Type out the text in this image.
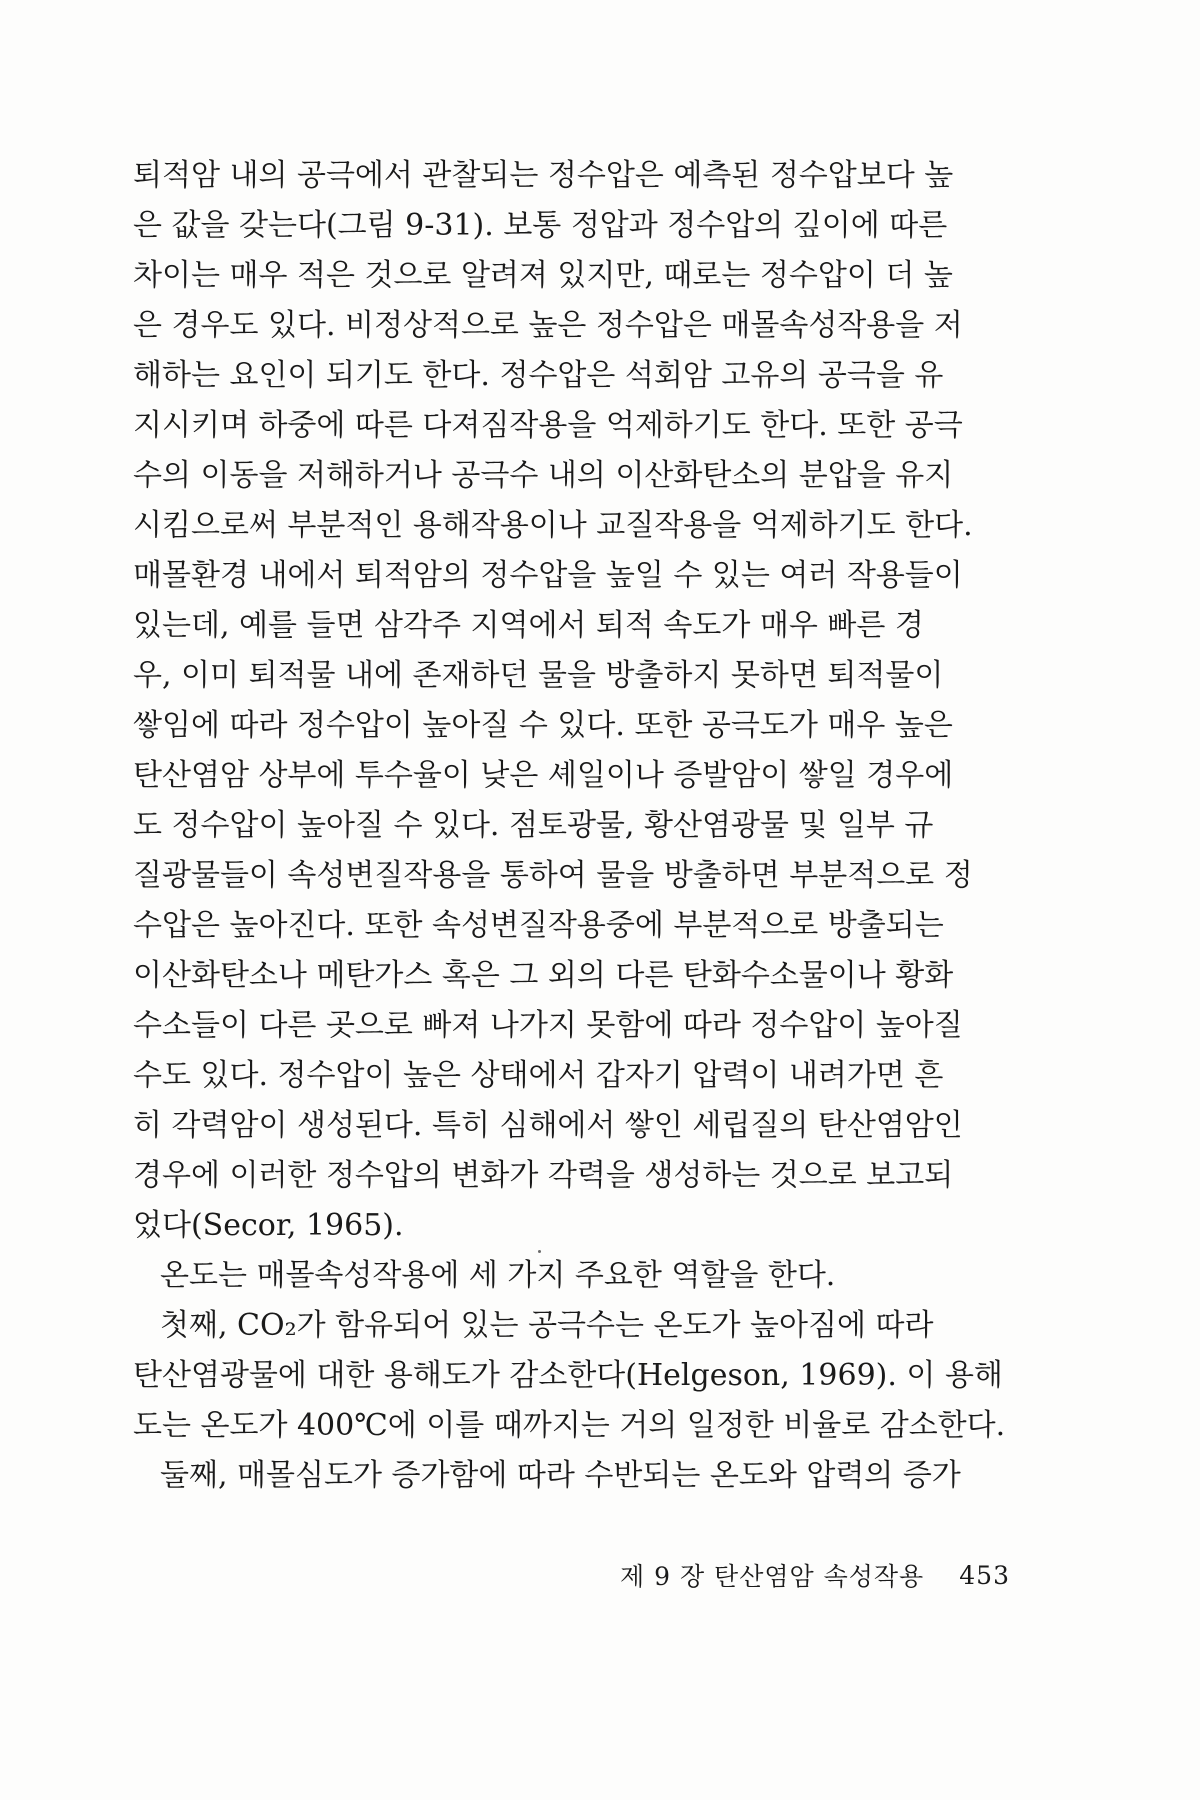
퇴적암 내의 공극에서 관찰되는 정수압은 예측된 정수압보다 높
은 값을 갖는다(그림 9-31). 보통 정압과 정수압의 깊이에 따른
차이는 매우 적은 것으로 알려져 있지만, 때로는 정수압이 더 높
은 경우도 있다. 비정상적으로 높은 정수압은 매몰속성작용을 저
해하는 요인이 되기도 한다. 정수압은 석회암 고유의 공극을 유
지시키며 하중에 따른 다져짐작용을 억제하기도 한다. 또한 공극
수의 이동을 저해하거나 공극수 내의 이산화탄소의 분압을 유지
시킴으로써 부분적인 용해작용이나 교질작용을 억제하기도 한다.
매몰환경 내에서 퇴적암의 정수압을 높일 수 있는 여러 작용들이
있는데, 예를 들면 삼각주 지역에서 퇴적 속도가 매우 빠른 경
우, 이미 퇴적물 내에 존재하던 물을 방출하지 못하면 퇴적물이
쌓임에 따라 정수압이 높아질 수 있다. 또한 공극도가 매우 높은
탄산염암 상부에 투수율이 낮은 셰일이나 증발암이 쌓일 경우에
도 정수압이 높아질 수 있다. 점토광물, 황산염광물 및 일부 규
질광물들이 속성변질작용을 통하여 물을 방출하면 부분적으로 정
수압은 높아진다. 또한 속성변질작용중에 부분적으로 방출되는
이산화탄소나 메탄가스 혹은 그 외의 다른 탄화수소물이나 황화
수소들이 다른 곳으로 빠져 나가지 못함에 따라 정수압이 높아질
수도 있다. 정수압이 높은 상태에서 갑자기 압력이 내려가면 흔
히 각력암이 생성된다. 특히 심해에서 쌓인 세립질의 탄산염암인
경우에 이러한 정수압의 변화가 각력을 생성하는 것으로 보고되
었다(Secor, 1965).
온도는 매몰속성작용에 세 가지 주요한 역할을 한다.
첫째, CO₂가 함유되어 있는 공극수는 온도가 높아짐에 따라
탄산염광물에 대한 용해도가 감소한다(Helgeson, 1969). 이 용해
도는 온도가 400℃에 이를 때까지는 거의 일정한 비율로 감소한다.
둘째, 매몰심도가 증가함에 따라 수반되는 온도와 압력의 증가
제 9 장 탄산염암 속성작용 453
